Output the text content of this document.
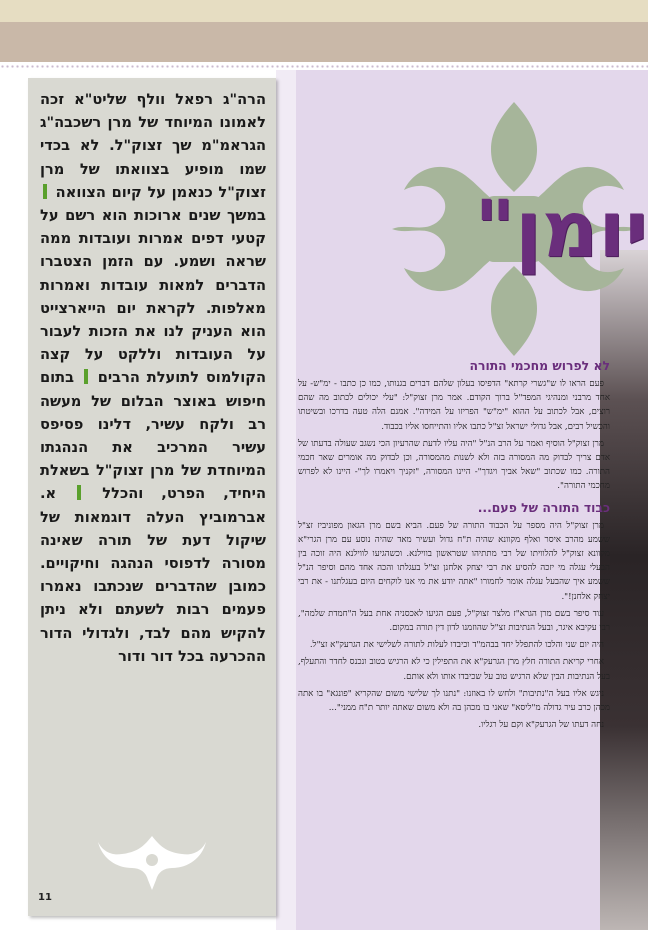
הרה"ג רפאל וולף שליט"א זכה לאמונו המיוחד של מרן רשכבה"ג הגראמ"מ שך זצוק"ל. לא בכדי שמו מופיע בצוואתו של מרן זצוק"ל כנאמן על קיום הצוואה  במשך שנים ארוכות הוא רשם על קטעי דפים אמרות ועובדות ממה שראה ושמע. עם הזמן הצטברו הדברים למאות עובדות ואמרות מאלפות. לקראת יום הייארצייט הוא העניק לנו את הזכות לעבור על העובדות וללקט על קצה הקולמוס לתועלת הרבים  בתום חיפוש באוצר הבלום של מעשה רב ולקח עשיר, דלינו פסיפס עשיר המרכיב את הנהגתו המיוחדת של מרן זצוק"ל בשאלת היחיד, הפרט, והכלל  א. אברמוביץ העלה דוגמאות של שיקול דעת של תורה שאינה מסורה לדפוסי הנהגה וחיקויים. כמובן שהדברים שנכתבו נאמרו פעמים רבות לשעתם ולא ניתן להקיש מהם לבד, ולגדולי הדור ההכרעה בכל דור ודור
11
יומן"
לא לפרוש מחכמי התורה

פעם הראו לו ש"גשרי קרתא" הדפיסו בעלון שלהם דברים בגנותו, כמו כן כתבו - ימ"ש- על אחד מרבני ומנהיגי המפד"ל ברוך הקודם. אמר מרן זצוק"ל: "עלי יכולים לכתוב מה שהם רוצים, אבל לכתוב על ההוא "ימ"ש" הפריזו על המידה". אמנם הלה טעה בדרכו ובשיטתו והכשיל רבים, אבל גדולי ישראל זצ"ל כתבו אליו והתייחסו אליו בכבוד.

מרן זצוק"ל הוסיף ואמר על הרב הנ"ל "היה עליו לדעת שהרעיון הכי נשגב שעולה בדעתו של אדם צריך לבדוק מה המסורה בזה ולא לשנות מהמסורה, וכן לבדוק מה אומרים שאר חכמי התורה. כמו שכתוב "שאל אביך ויגדך"- היינו המסורה, "זקניך ויאמרו לך"- היינו לא לפרוש מחכמי התורה".

כבוד התורה של פעם...

מרן זצוק"ל היה מספר על הכבוד התורה של פעם. הביא בשם מרן הגאון מפוניביז זצ"ל ששמע מהרב איסר ואלף מקוונא שהיה ת"ח גדול ועשיר מאד שהיה נוסע עם מרן הגרי"א מקוונא זצוק"ל להלוויתו של רבי מתתיהו שטראשון בווילנא. וכשהגיעו לווילנא היה זוכה בין הבעלי עגלה מי יזכה להסיע את רבי יצחק אלחנן זצ"ל בעגלתו והכה אחד מהם וסיפר הנ"ל ששמע איך שהבעל עגלה אומר לחמורו "אתה יודע את מי אנו לוקחים היום בעגלתנו - את רבי יצחק אלחנן!".

עוד סיפר בשם מרן הגרא"ז מלצר זצוק"ל, פעם הגיעו לאכסניה אחת בעל ה"חמדת שלמה", רבי עקיבא איגר, ובעל הנתיבות זצ"ל שהוזמנו לדון דין תורה במקום.

היה יום שני והלכו להתפלל יחד בבהמ"ד וכיבדו לעלות לתורה לשלישי את הגרעק"א זצ"ל.

אחרי קריאת התורה חלץ מרן הגרעק"א את התפילין כי לא הרגיש בטוב ונכנס לחדר והתעלף, בעל הנתיבות הבין שלא הרגיש טוב על שכיבדו אותו ולא אותם.

ניגש אליו בעל ה"נתיבות" ולחש לו באוזנו: "נתנו לך שלישי משום שהקריא "פונגא" בו אתה מכהן כרב עיר גדולה מ"ליסא" שאני בו מכהן בה ולא משום שאתה יותר ת"ח ממני"...

נחה דעתו של הגרעק"א וקם על רגליו.
